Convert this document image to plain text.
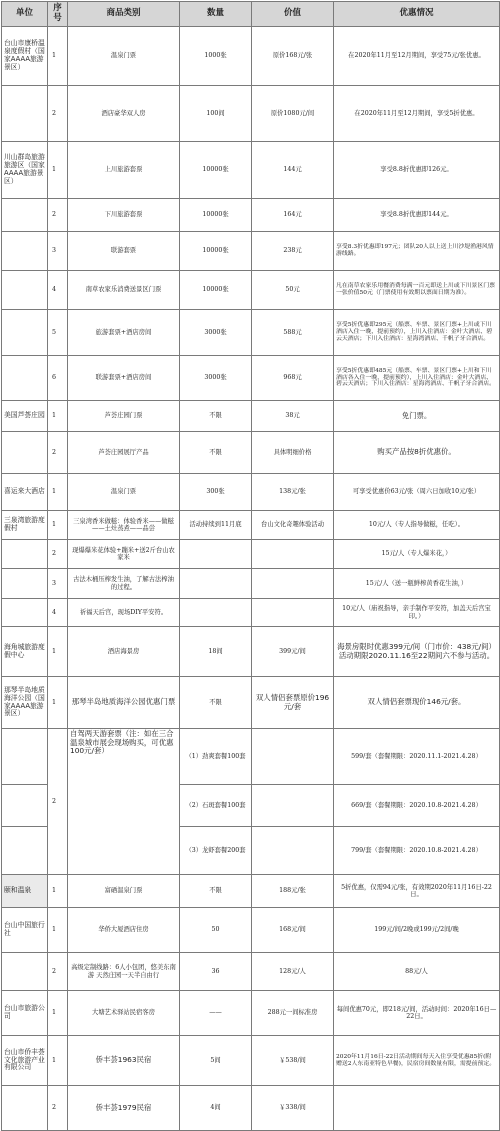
单位	序号	商品类别	数量	价值	优惠情况
台山市康桥温泉度假村（国家AAAA旅游景区）	1	温泉门票	1000张	原价168元/张	在2020年11月至12月期间，享受75元/张优惠。
	2	酒店豪华双人房	100间	原价1080元/间	在2020年11月至12月期间，享受5折优惠。
川山群岛旅游旅游区（国家AAAA旅游景区）	1	上川旅游套票	10000张	144元	享受8.8折优惠即126元。
	2	下川旅游套票	10000张	164元	享受8.8折优惠即144元。
	3	联游套票	10000张	238元	享受8.3折优惠即197元；团队20人以上送上川沙堤渔港风情游线路。
	4	南草农家乐消费送景区门票	10000张	50元	凡在南草农家乐用餐消费每满一百元即送上川或下川景区门票一张价值50元（门票使用有效期以票面日期为准）。
	5	旅游套票+酒店房间	3000张	588元	享受5折优惠即295元（船票、车票、景区门票+上川或下川酒店入住一晚，提前预约），上川入住酒店：金叶大酒店、碧云天酒店；下川入住酒店：星海湾酒店、千帆子牙合酒店。
	6	联游套票+酒店房间	3000张	968元	享受5折优惠即485元（船票、车票、景区门票+上川和下川酒店各入住一晚，提前预约），上川入住酒店：金叶大酒店、碧云天酒店；下川入住酒店：星海湾酒店、千帆子牙合酒店。
美国芦荟庄园	1	芦荟庄园门票	不限	38元	免门票。
	2	芦荟庄园展厅产品	不限	具体明细价格	购买产品按8折优惠价。
喜运来大酒店	1	温泉门票	300张	138元/张	可享受优惠价63元/张（周六日加收10元/张）
三泉湾旅游度假村	1	三泉湾香米做糍：体验香米——做糍——土灶蒸煮——品尝	活动持续到11月底	台山文化奇趣体验活动	10元/人（专人指导做糍，任吃）。
	2	现爆爆米花体验+蹦米+送2斤台山农家米			15元/人（专人爆米花，）
	3	古法木桶压榨发生油，了解古法榨油的过程。			15元/人（送一瓶鲜榨黄香花生油，）
	4	祈福天后宫，现场DIY平安符。			10元/人（庙祝指导，亲手制作平安符，加盖天后宫宝印。）
海角城旅游度假中心	1	酒店海景房	18间	399元/间	海景房限时优惠399元/间（门市价：438元/间）活动期限2020.11.16至22期间六不参与活动。
那琴半岛地质海洋公园（国家AAAA旅游景区）	1	那琴半岛地质海洋公园优惠门票	不限	双人情侣套票原价196元/套	双人情侣套票现价146元/套。
	2	自驾两天游套票（注：如在三合温泉城市展会现场购买，可优惠100元/套）	（1）劲爽套餐100套		599/套（套餐期限：2020.11.1-2021.4.28）
			（2）石斑套餐100套		669/套（套餐期限：2020.10.8-2021.4.28）
			（3）龙虾套餐200套		799/套（套餐期限：2020.10.8-2021.4.28）
颐和温泉	1	富硒温泉门票	不限	188元/张	5折优惠，仅需94元/张，有效期2020年11月16日-22日。
台山中国旅行社	1	华侨大厦酒店住房	50	168元/间	199元/间/2晚或199元/2间/晚
	2	高级定制线路：6人小包团，悠美东南游 天然庄园一天半自由行	36	128元/人	88元/人
台山市旅游公司	1	大塘艺术驿站民宿客房	——	288元一间标准房	每间优惠70元，即218元/间，活动时间：2020年16日—22日。
台山市侨丰荟文化旅游产业有限公司	1	侨丰荟1963民宿	5间	￥538/间	2020年11月16日-22日活动期间每天入住享受优惠85折(附赠送2人东南亚特色早餐)，民宿房间数量有限，需提前预定。
	2	侨丰荟1979民宿	4间	￥338/间	
